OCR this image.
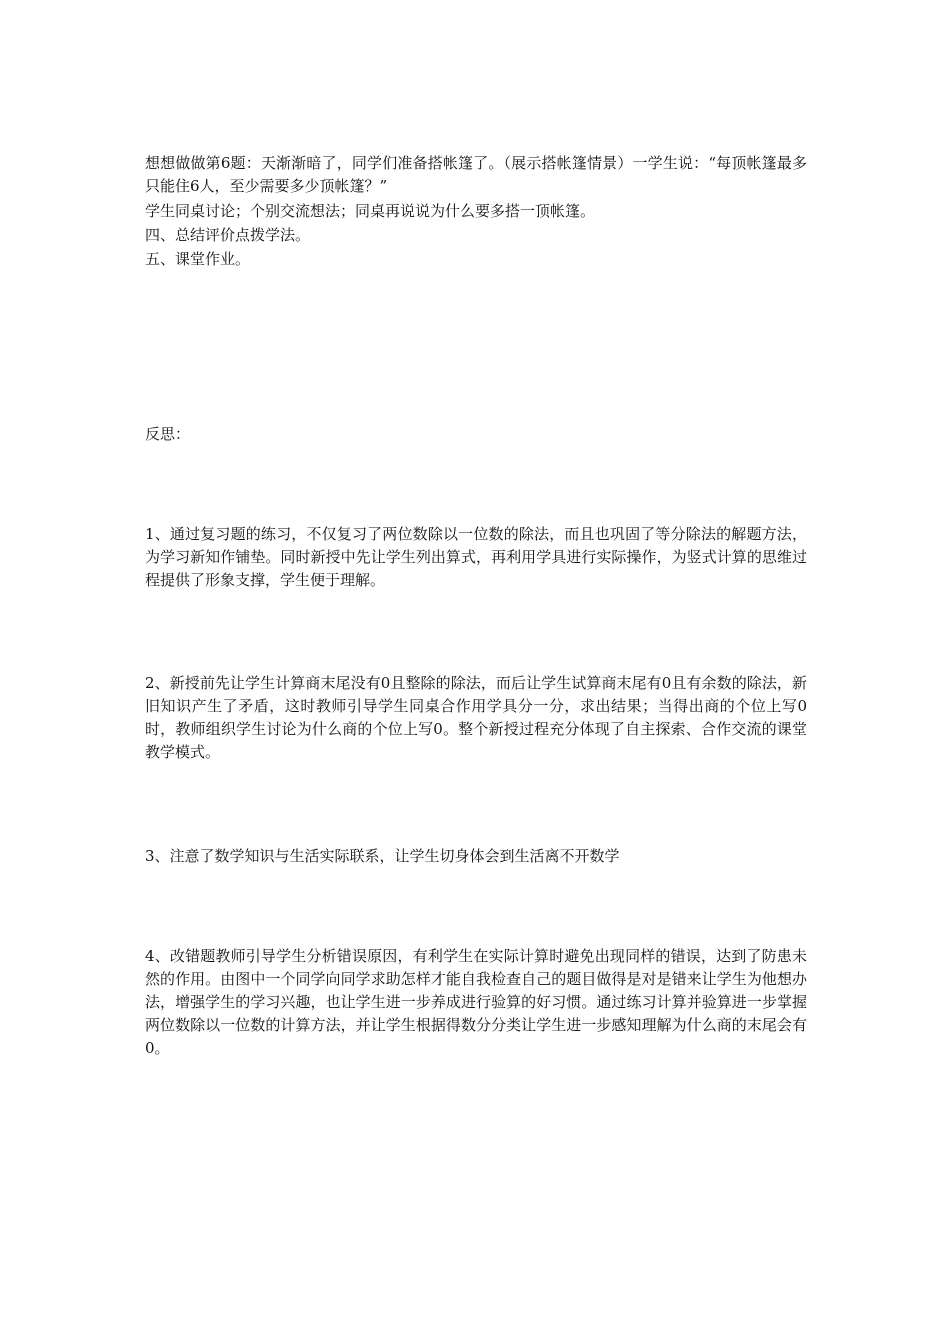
想想做做第6题：天渐渐暗了，同学们准备搭帐篷了。（展示搭帐篷情景）一学生说：“每顶帐篷最多只能住6人，至少需要多少顶帐篷？”

学生同桌讨论；个别交流想法；同桌再说说为什么要多搭一顶帐篷。

四、总结评价点拨学法。

五、课堂作业。

反思：

1、通过复习题的练习，不仅复习了两位数除以一位数的除法，而且也巩固了等分除法的解题方法，为学习新知作铺垫。同时新授中先让学生列出算式，再利用学具进行实际操作，为竖式计算的思维过程提供了形象支撑，学生便于理解。

2、新授前先让学生计算商末尾没有0且整除的除法，而后让学生试算商末尾有0且有余数的除法，新旧知识产生了矛盾，这时教师引导学生同桌合作用学具分一分，求出结果；当得出商的个位上写0时，教师组织学生讨论为什么商的个位上写0。整个新授过程充分体现了自主探索、合作交流的课堂教学模式。

3、注意了数学知识与生活实际联系，让学生切身体会到生活离不开数学

4、改错题教师引导学生分析错误原因，有利学生在实际计算时避免出现同样的错误，达到了防患未然的作用。由图中一个同学向同学求助怎样才能自我检查自己的题目做得是对是错来让学生为他想办法，增强学生的学习兴趣，也让学生进一步养成进行验算的好习惯。通过练习计算并验算进一步掌握两位数除以一位数的计算方法，并让学生根据得数分分类让学生进一步感知理解为什么商的末尾会有0。
